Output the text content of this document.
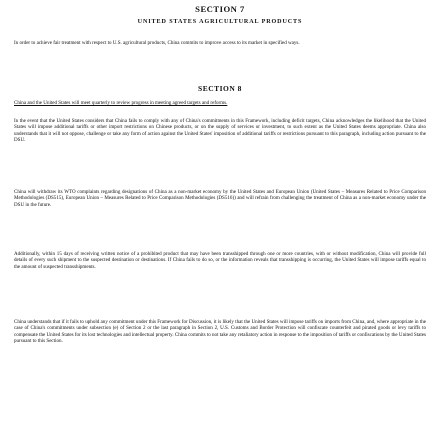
SECTION 7
UNITED STATES AGRICULTURAL PRODUCTS

In order to achieve fair treatment with respect to U.S. agricultural products, China commits to improve access to its market in specified ways.

SECTION 8

China and the United States will meet quarterly to review progress in meeting agreed targets and reforms.

In the event that the United States considers that China fails to comply with any of China's commitments in this Framework, including deficit targets, China acknowledges the likelihood that the United States will impose additional tariffs or other import restrictions on Chinese products, or on the supply of services or investment, to such extent as the United States deems appropriate. China also understands that it will not oppose, challenge or take any form of action against the United States' imposition of additional tariffs or restrictions pursuant to this paragraph, including action pursuant to the DSU.

China will withdraw its WTO complaints regarding designations of China as a non-market economy by the United States and European Union (United States – Measures Related to Price Comparison Methodologies (DS515), European Union – Measures Related to Price Comparison Methodologies (DS516)) and will refrain from challenging the treatment of China as a non-market economy under the DSU in the future.

Additionally, within 15 days of receiving written notice of a prohibited product that may have been transshipped through one or more countries, with or without modification, China will provide full details of every such shipment to the suspected destination or destinations. If China fails to do so, or the information reveals that transshipping is occurring, the United States will impose tariffs equal to the amount of suspected transshipments.

China understands that if it fails to uphold any commitment under this Framework for Discussion, it is likely that the United States will impose tariffs on imports from China, and, where appropriate in the case of China's commitments under subsection (e) of Section 2 or the last paragraph in Section 2, U.S. Customs and Border Protection will confiscate counterfeit and pirated goods or levy tariffs to compensate the United States for its lost technologies and intellectual property. China commits to not take any retaliatory action in response to the imposition of tariffs or confiscations by the United States pursuant to this Section.
